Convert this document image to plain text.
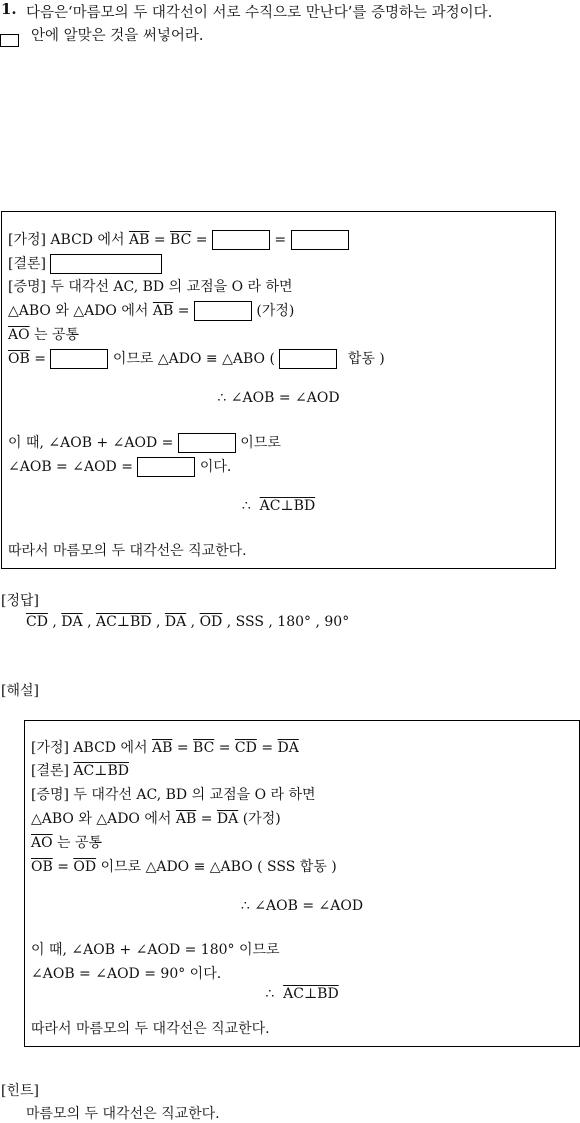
1. 다음은‘마름모의 두 대각선이 서로 수직으로 만난다’를 증명하는 과정이다.
안에 알맞은 것을 써넣어라.
[가정] ABCD 에서 $\overline{AB} = \overline{BC}$ =	=
[결론]
[증명] 두 대각선 AC, BD 의 교점을 O 라 하면
△ABO 와 △ADO 에서 $\overline{AB}$ =	(가정)
$\overline{AO}$ 는 공통
$\overline{OB}$ =	이므로 △ADO ≡ △ABO (	합동 )
∴ ∠AOB = ∠AOD
이 때, ∠AOB + ∠AOD =	이므로
∠AOB = ∠AOD =	이다.
∴ AC⊥BD
따라서 마름모의 두 대각선은 직교한다.
[정답]
$\overline{CD}$ , $\overline{DA}$ , AC⊥BD , $\overline{DA}$ , $\overline{OD}$ , SSS , 180° , 90°
[해설]
[가정] ABCD 에서 $\overline{AB} = \overline{BC} = \overline{CD} = \overline{DA}$
[결론] AC⊥BD
[증명] 두 대각선 AC, BD 의 교점을 O 라 하면
△ABO 와 △ADO 에서 $\overline{AB} = \overline{DA}$ (가정)
$\overline{AO}$ 는 공통
$\overline{OB} = \overline{OD}$ 이므로 △ADO ≡ △ABO ( SSS 합동 )
∴ ∠AOB = ∠AOD
이 때, ∠AOB + ∠AOD = 180° 이므로
∠AOB = ∠AOD = 90° 이다.
∴ AC⊥BD
따라서 마름모의 두 대각선은 직교한다.
[힌트]
마름모의 두 대각선은 직교한다.
